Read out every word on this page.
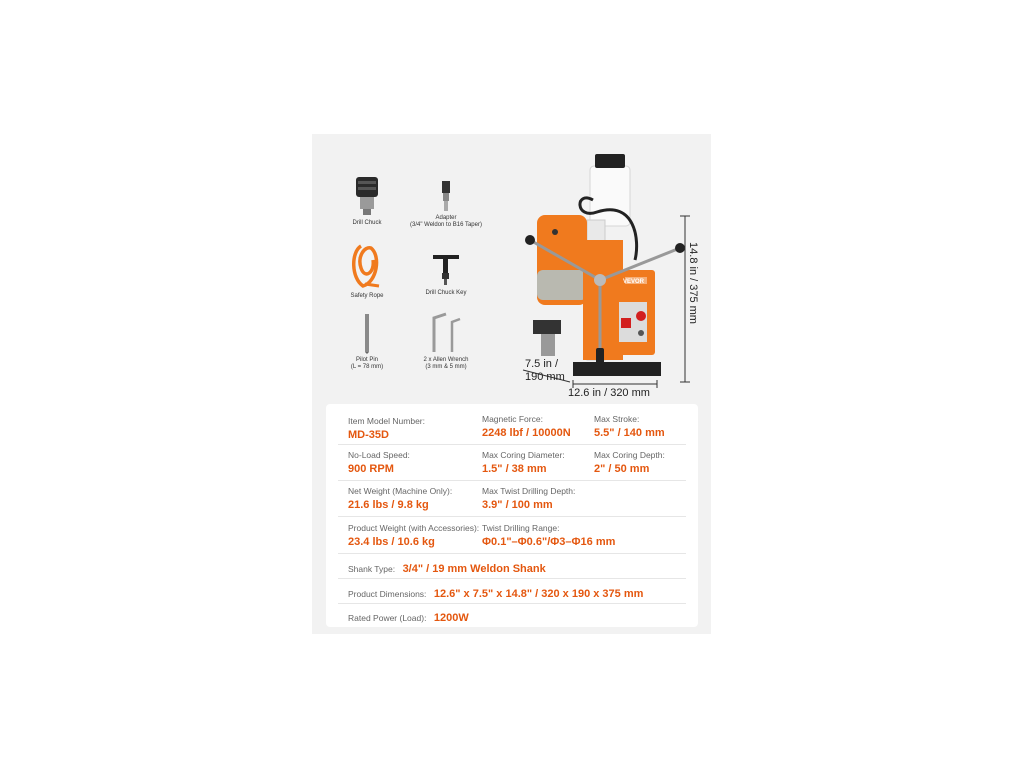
Drill Chuck
Adapter
(3/4" Weldon to B16 Taper)
Safety Rope	Drill Chuck Key
Pilot Pin
(L = 78 mm)
2 x Allen Wrench
(3 mm & 5 mm)
VEVOR	14.8 in / 375 mm
7.5 in /
190 mm
12.6 in / 320 mm
Item Model Number:
MD-35D
Magnetic Force:
2248 lbf / 10000N
Max Stroke:
5.5" / 140 mm
No-Load Speed:
900 RPM
Max Coring Diameter:
1.5" / 38 mm
Max Coring Depth:
2" / 50 mm
Net Weight (Machine Only):
21.6 lbs / 9.8 kg
Max Twist Drilling Depth:
3.9" / 100 mm
Product Weight (with Accessories):
23.4 lbs / 10.6 kg
Twist Drilling Range:
Φ0.1"–Φ0.6"/Φ3–Φ16 mm
Shank Type: 3/4" / 19 mm Weldon Shank
Product Dimensions: 12.6" x 7.5" x 14.8" / 320 x 190 x 375 mm
Rated Power (Load): 1200W
